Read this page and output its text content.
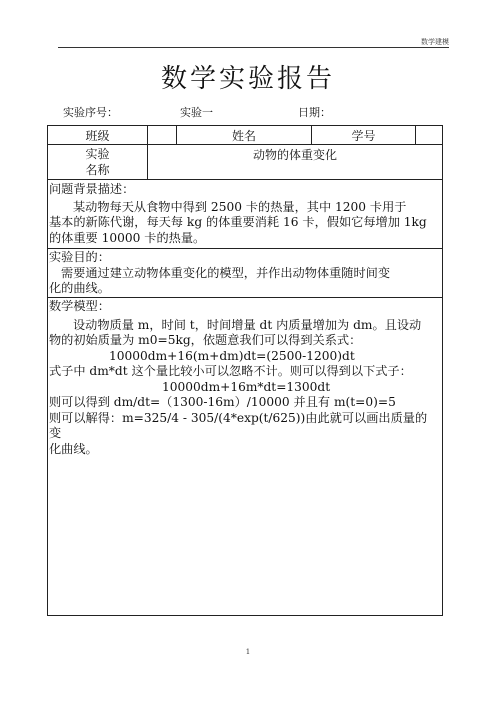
数学建模
数学实验报告
实验序号：	实验一	日期：
班级	姓名	学号
实验
名称
动物的体重变化

问题背景描述：

某动物每天从食物中得到 2500 卡的热量，其中 1200 卡用于

基本的新陈代谢，每天每 kg 的体重要消耗 16 卡，假如它每增加 1kg

的体重要 10000 卡的热量。

实验目的：

需要通过建立动物体重变化的模型，并作出动物体重随时间变

化的曲线。

数学模型：

设动物质量 m，时间 t，时间增量 dt 内质量增加为 dm。且设动

物的初始质量为 m0=5kg，依题意我们可以得到关系式：

10000dm+16(m+dm)dt=(2500-1200)dt

式子中 dm*dt 这个量比较小可以忽略不计。则可以得到以下式子：

10000dm+16m*dt=1300dt

则可以得到 dm/dt=（1300-16m）/10000 并且有 m(t=0)=5

则可以解得：m=325/4 - 305/(4*exp(t/625))由此就可以画出质量的变

化曲线。

1
